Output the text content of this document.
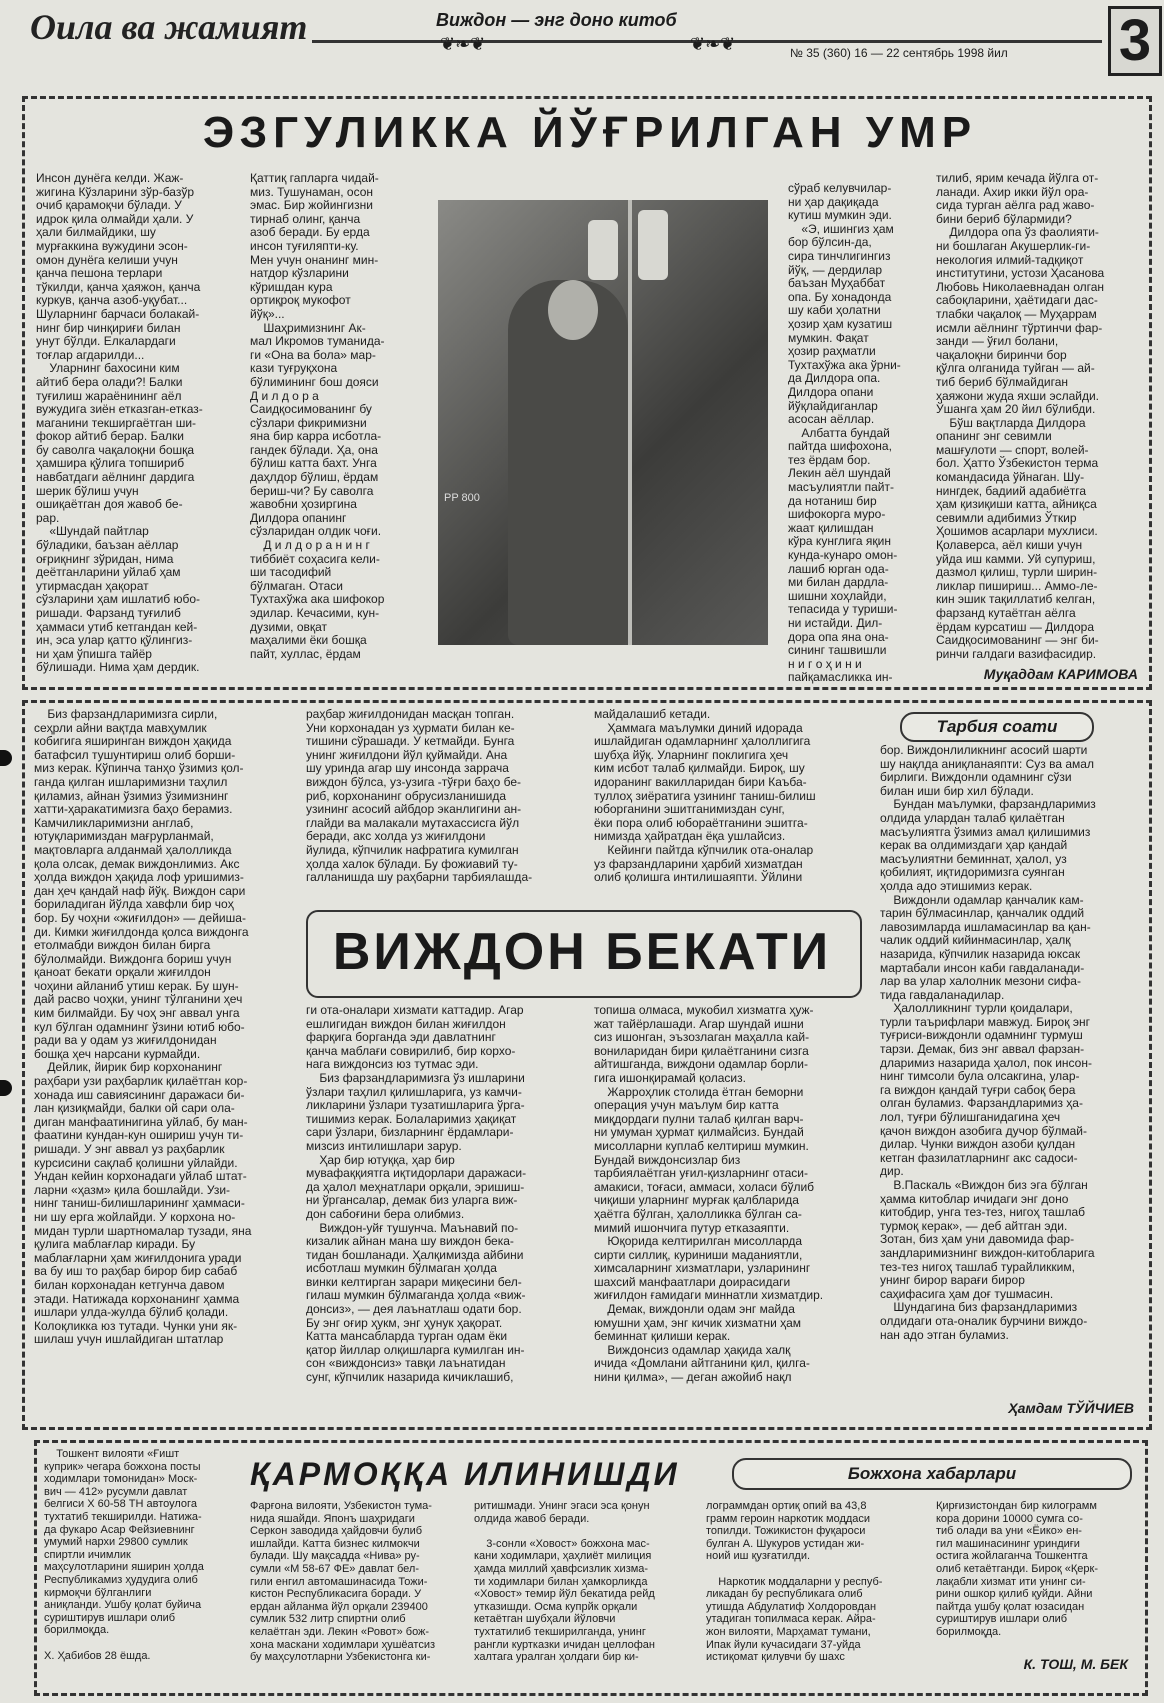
Оила ва жамият	Виждон — энг доно китоб
❦❧❦	❦❧❦	№ 35 (360) 16 — 22 сентябрь 1998 йил 3
ЭЗГУЛИККА ЙЎҒРИЛГАН УМР
Инсон дунёга келди. Жаж-
жигина Кўзларини зўр-базўр
очиб қарамоқчи бўлади. У
идрок қила олмайди ҳали. У
ҳали билмайдики, шу
мурғаккина вужудини эсон-
омон дунёга келиши учун
қанча пешона терлари
тўкилди, қанча ҳаяжон, қанча
куркув, қанча азоб-уқубат...
Шуларнинг барчаси болакай-
нинг бир чинқириғи билан
унут бўлди. Елкалардаги
тоғлар агдарилди...
Уларнинг бахосини ким
айтиб бера олади?! Балки
туғилиш жараёнининг аёл
вужудига зиён етказган-етказ-
маганини текширгаётган ши-
фокор айтиб берар. Балки
бу саволга чақалоқни бошқа
ҳамшира қўлига топшириб
навбатдаги аёлнинг дардига
шерик бўлиш учун
ошиқаётган доя жавоб бе-
рар.
«Шундай пайтлар
бўладики, баъзан аёллар
оғриқнинг зўридан, нима
деётганларини уйлаб ҳам
утирмасдан ҳақорат
сўзларини ҳам ишлатиб юбо-
ришади. Фарзанд туғилиб
ҳаммаси утиб кетгандан кей-
ин, эса улар қатто қўлингиз-
ни ҳам ўпишга тайёр
бўлишади. Нима ҳам дердик.
Қаттиқ гапларга чидай-
миз. Тушунаман, осон
эмас. Бир жойингизни
тирнаб олинг, қанча
азоб беради. Бу ерда
инсон туғиляпти-ку.
Мен учун онанинг мин-
натдор кўзларини
кўришдан кура
ортиқроқ мукофот
йўқ»...
Шаҳримизнинг Ак-
мал Икромов туманида-
ги «Она ва бола» мар-
кази туғруқхона
бўлимининг бош дояси
Д и л д о р а
Саидқосимованинг бу
сўзлари фикримизни
яна бир карра исботла-
гандек бўлади. Ҳа, она
бўлиш катта бахт. Унга
даҳлдор бўлиш, ёрдам
бериш-чи? Бу саволга
жавобни ҳозиргина
Дилдора опанинг
сўзларидан олдик чоғи.
Д и л д о р а н и н г
тиббиёт соҳасига кели-
ши тасодифий
бўлмаган. Отаси
Тухтахўжа ака шифокор
эдилар. Кечасими, кун-
дузими, овқат
маҳалими ёки бошқа
пайт, хуллас, ёрдам
PP 800
сўраб келувчилар-
ни ҳар дақиқада
кутиш мумкин эди.
«Э, ишингиз ҳам
бор бўлсин-да,
сира тинчлигингиз
йўқ, — дердилар
баъзан Муҳаббат
опа. Бу хонадонда
шу каби ҳолатни
ҳозир ҳам кузатиш
мумкин. Фақат
ҳозир раҳматли
Тухтахўжа ака ўрни-
да Дилдора опа.
Дилдора опани
йўқлайдиганлар
асосан аёллар.
Албатта бундай
пайтда шифохона,
тез ёрдам бор.
Лекин аёл шундай
масъулиятли пайт-
да нотаниш бир
шифокорга муро-
жаат қилишдан
кўра кунглига яқин
кунда-кунаро омон-
лашиб юрган ода-
ми билан дардла-
шишни хоҳлайди,
тепасида у туриши-
ни истайди. Дил-
дора опа яна она-
сининг ташвишли
н и г о ҳ и н и
пайқамасликка ин-
тилиб, ярим кечада йўлга от-
ланади. Ахир икки йўл ора-
сида турган аёлга рад жаво-
бини бериб бўлармиди?
Дилдора опа ўз фаолияти-
ни бошлаган Акушерлик-ги-
некология илмий-тадқиқот
институтини, устози Ҳасанова
Любовь Николаевнадан олган
сабоқларини, ҳаётидаги дас-
тлабки чақалоқ — Муҳаррам
исмли аёлнинг тўртинчи фар-
занди — ўғил болани,
чақалоқни биринчи бор
қўлга олганида туйган — ай-
тиб бериб бўлмайдиган
ҳаяжони жуда яхши эслайди.
Ўшанга ҳам 20 йил бўлибди.
Бўш вақтларда Дилдора
опанинг энг севимли
машғулоти — спорт, волей-
бол. Ҳатто Ўзбекистон терма
командасида ўйнаган. Шу-
нингдек, бадиий адабиётга
ҳам қизиқиши катта, айниқса
севимли адибимиз Ўткир
Ҳошимов асарлари мухлиси.
Қолаверса, аёл киши учун
уйда иш камми. Уй супуриш,
дазмол қилиш, турли ширин-
ликлар пишириш... Аммо-ле-
кин эшик тақиллатиб келган,
фарзанд кутаётган аёлга
ёрдам курсатиш — Дилдора
Саидқосимованинг — энг би-
ринчи галдаги вазифасидир.
Муқаддам КАРИМОВА
Биз фарзандларимизга сирли,
сеҳрли айни вақтда мавҳумлик
кобигига яширинган виждон ҳақида
батафсил тушунтириш олиб борши-
миз керак. Кўпинча танҳо ўзимиз қол-
ганда қилган ишларимизни таҳлил
қиламиз, айнан ўзимиз ўзимизнинг
хатти-ҳаракатимизга баҳо берамиз.
Камчиликларимизни англаб,
ютуқларимиздан мағрурланмай,
мақтовларга алданмай ҳалолликда
қола олсак, демак виждонлимиз. Акс
ҳолда виждон ҳақида лоф уришимиз-
дан ҳеч қандай наф йўқ. Виждон сари
бориладиган йўлда хавфли бир чоҳ
бор. Бу чоҳни «жиғилдон» — дейиша-
ди. Кимки жиғилдонда қолса виждонга
етолмабди виждон билан бирга
бўлолмайди. Виждонга бориш учун
қаноат бекати орқали жиғилдон
чоҳини айланиб утиш керак. Бу шун-
дай расво чоҳки, унинг тўлганини ҳеч
ким билмайди. Бу чоҳ энг аввал унга
кул бўлган одамнинг ўзини ютиб юбо-
ради ва у одам уз жиғилдонидан
бошқа ҳеч нарсани курмайди.
Дейлик, йирик бир корхонанинг
раҳбари узи раҳбарлик қилаётган кор-
хонада иш савиясининг даражаси би-
лан қизиқмайди, балки ой сари ола-
диган манфаатинигина уйлаб, бу ман-
фаатини кундан-кун ошириш учун ти-
ришади. У энг аввал уз раҳбарлик
курсисини сақлаб қолишни уйлайди.
Ундан кейин корхонадаги уйлаб штат-
ларни «ҳазм» қила бошлайди. Узи-
нинг таниш-билишларининг ҳаммаси-
ни шу ерга жойлайди. У корхона но-
мидан турли шартномалар тузади, яна
қулига маблағлар киради. Бу
маблағларни ҳам жиғилдонига уради
ва бу иш то раҳбар бирор бир сабаб
билан корхонадан кетгунча давом
этади. Натижада корхонанинг ҳамма
ишлари улда-жулда бўлиб қолади.
Колоқликка юз тутади. Чунки уни як-
шилаш учун ишлайдиган штатлар
раҳбар жиғилдонидан масқан топган.
Уни корхонадан уз ҳурмати билан ке-
тишини сўрашади. У кетмайди. Бунга
унинг жиғилдони йўл қуймайди. Ана
шу уринда агар шу инсонда заррача
виждон бўлса, уз-узига -тўғри баҳо бе-
риб, корхонанинг обрусизланишида
узининг асосий айбдор эканлигини ан-
глайди ва малакали мутахассисга йўл
беради, акс холда уз жиғилдони
йулида, кўпчилик нафратига кумилган
ҳолда халок бўлади. Бу фожиавий ту-
галланишда шу раҳбарни тарбиялашда-
майдалашиб кетади.
Ҳаммага маълумки диний идорада
ишлайдиган одамларнинг ҳалоллигига
шубҳа йўқ. Уларнинг поклигига ҳеч
ким исбот талаб қилмайди. Бироқ, шу
идоранинг вакилларидан бири Каъба-
туллоҳ зиёратига узининг таниш-билиш
юборганини эшитганимиздан сунг,
ёки пора олиб юбораётганини эшитга-
нимизда ҳайратдан ёқа ушлайсиз.
Кейинги пайтда кўпчилик ота-оналар
уз фарзандларини ҳарбий хизматдан
олиб қолишга интилишаяпти. Ўйлини
ВИЖДОН БЕКАТИ
ги ота-оналари хизмати каттадир. Агар
ешлигидан виждон билан жиғилдон
фарқига борганда эди давлатнинг
қанча маблағи совирилиб, бир корхо-
нага виждонсиз юз тутмас эди.
Биз фарзандларимизга ўз ишларини
ўзлари таҳлил қилишларига, уз камчи-
ликларини ўзлари тузатишларига ўрга-
тишимиз керак. Болаларимиз ҳақиқат
сари ўзлари, бизларнинг ёрдамлари-
мизсиз интилишлари зарур.
Ҳар бир ютуққа, ҳар бир
мувафаққиятга иқтидорлари даражаси-
да ҳалол меҳнатлари орқали, эришиш-
ни ўргансалар, демак биз уларга виж-
дон сабоғини бера олибмиз.
Виждон-уйғ тушунча. Маънавий по-
кизалик айнан мана шу виждон бека-
тидан бошланади. Ҳалқимизда айбини
исботлаш мумкин бўлмаган ҳолда
винки келтирган зарари миқесини бел-
гилаш мумкин бўлмаганда ҳолда «виж-
донсиз», — дея лаънатлаш одати бор.
Бу энг оғир ҳукм, энг ҳунук ҳақорат.
Катта мансабларда турган одам ёки
қатор йиллар олқишларга кумилган ин-
сон «виждонсиз» тавқи лаънатидан
сунг, кўпчилик назарида кичиклашиб,
топиша олмаса, мукобил хизматга ҳуж-
жат тайёрлашади. Агар шундай ишни
сиз ишонган, эъзозлаган маҳалла кай-
вониларидан бири қилаётганини сизга
айтишганда, виждони одамлар борли-
гига ишонқирамай қоласиз.
Жарроҳлик столида ётган беморни
операция учун маълум бир катта
миқдордаги пулни талаб қилган варч-
ни умуман ҳурмат қилмайсиз. Бундай
мисолларни куплаб келтириш мумкин.
Бундай виждонсизлар биз
тарбиялаётган уғил-қизларнинг отаси-
амакиси, тоғаси, аммаси, холаси бўлиб
чиқиши уларнинг мурғак қалбларида
ҳаётга бўлган, ҳалолликка бўлган са-
мимий ишончига путур етказаяпти.
Юқорида келтирилган мисолларда
сирти силлиқ, куриниши маданиятли,
химсаларнинг хизматлари, узларининг
шахсий манфаатлари доирасидаги
жиғилдон ғамидаги миннатли хизматдир.
Демак, виждонли одам энг майда
юмушни ҳам, энг кичик хизматни ҳам
беминнат қилиши керак.
Виждонсиз одамлар ҳақида халқ
ичида «Домлани айтганини қил, қилга-
нини қилма», — деган ажойиб нақл
Тарбия соати
бор. Виждонлиликнинг асосий шарти
шу нақлда аниқланаяпти: Суз ва амал
бирлиги. Виждонли одамнинг сўзи
билан иши бир хил бўлади.
Бундан маълумки, фарзандларимиз
олдида улардан талаб қилаётган
масъулиятга ўзимиз амал қилишимиз
керак ва олдимиздаги ҳар қандай
масъулиятни беминнат, ҳалол, уз
қобилият, иқтидоримизга суянган
ҳолда адо этишимиз керак.
Виждонли одамлар қанчалик кам-
тарин бўлмасинлар, қанчалик оддий
лавозимларда ишламасинлар ва қан-
чалик оддий кийинмасинлар, ҳалқ
назарида, кўпчилик назарида юксак
мартабали инсон каби гавдаланади-
лар ва улар халолник мезони сифа-
тида гавдаланадилар.
Ҳалолликнинг турли қоидалари,
турли таърифлари мавжуд. Бироқ энг
туғриси-виждонли одамнинг турмуш
тарзи. Демак, биз энг аввал фарзан-
дларимиз назарида ҳалол, пок инсон-
нинг тимсоли була олсакгина, улар-
га виждон қандай туғри сабоқ бера
олган буламиз. Фарзандларимиз ҳа-
лол, туғри бўлишганидагина ҳеч
қачон виждон азобига дучор бўлмай-
дилар. Чунки виждон азоби қулдан
кетган фазилатларнинг акс садоси-
дир.
В.Паскаль «Виждон биз эга бўлган
ҳамма китоблар ичидаги энг доно
китобдир, унга тез-тез, нигоҳ ташлаб
турмоқ керак», — деб айтган эди.
Зотан, биз ҳам уни давомида фар-
зандларимизнинг виждон-китобларига
тез-тез нигоҳ ташлаб турайликким,
унинг бирор варағи бирор
саҳифасига ҳам доғ тушмасин.
Шундагина биз фарзандларимиз
олдидаги ота-оналик бурчини виждо-
нан адо этган буламиз.
Ҳамдам ТЎЙЧИЕВ
Тошкент вилояти «Ғишт
куприк» чегара божхона посты
ходимлари томонидан» Моск-
вич — 412» русумли давлат
белгиси Х 60-58 ТН автоулога
тухтатиб текширилди. Натижа-
да фукаро Асар Фейзиевнинг
умумий нархи 29800 сумлик
спиртли ичимлик
маҳсулотларини яширин ҳолда
Республикамиз ҳудудига олиб
кирмоқчи бўлганлиги
аниқланди. Ушбу қолат буйича
суриштирув ишлари олиб
борилмоқда.

Х. Ҳабибов 28 ёшда.
ҚАРМОҚҚА ИЛИНИШДИ	Божхона хабарлари
Фарғона вилояти, Узбекистон тума-
нида яшайди. Японъ шаҳридаги
Серкон заводида ҳайдовчи булиб
ишлайди. Катта бизнес килмокчи
булади. Шу мақсадда «Нива» ру-
сумли «М 58-67 ФЕ» давлат бел-
гили енгил автомашинасида Тожи-
кистон Республикасига боради. У
ердан айланма йўл орқали 239400
сумлик 532 литр спиртни олиб
келаётган эди. Лекин «Ровот» бож-
хона маскани ходимлари ҳушёатсиз
бу маҳсулотларни Узбекистонга ки-
ритишмади. Унинг эгаси эса қонун
олдида жавоб беради.

3-сонли «Ховост» божхона мас-
кани ходимлари, ҳаҳлиёт милиция
ҳамда миллий ҳавфсизлик хизма-
ти ходимлари билан ҳамкорликда
«Ховост» темир йўл бекатида рейд
утказишди. Осма купрйк орқали
кетаётган шубҳали йўловчи
тухтатилиб текширилганда, унинг
рангли куртказки ичидан целлофан
халтага уралган ҳолдаги бир ки-
лограммдан ортиқ опий ва 43,8
грамм героин наркотик моддаси
топилди. Тожикистон фуқароси
булган А. Шукуров устидан жи-
ноий иш қузғатилди.

Наркотик моддаларни у респуб-
ликадан бу республикага олиб
утишда Абдулатиф Холдоровдан
утадиган топилмаса керак. Айра-
жон вилояти, Марҳамат тумани,
Ипак йули кучасидаги 37-уйда
истиқомат қилувчи бу шахс
Қирғизистондан бир килограмм
кора дорини 10000 сумга со-
тиб олади ва уни «Ёико» ен-
гил машинасининг уриндиғи
остига жойлаганча Тошкентга
олиб кетаётганди. Бироқ «Қерк-
лақабли хизмат ити унинг си-
рини ошкор қилиб қуйди. Айни
пайтда ушбу қолат юзасидан
суриштирув ишлари олиб
борилмоқда.
К. ТОШ, М. БЕК
